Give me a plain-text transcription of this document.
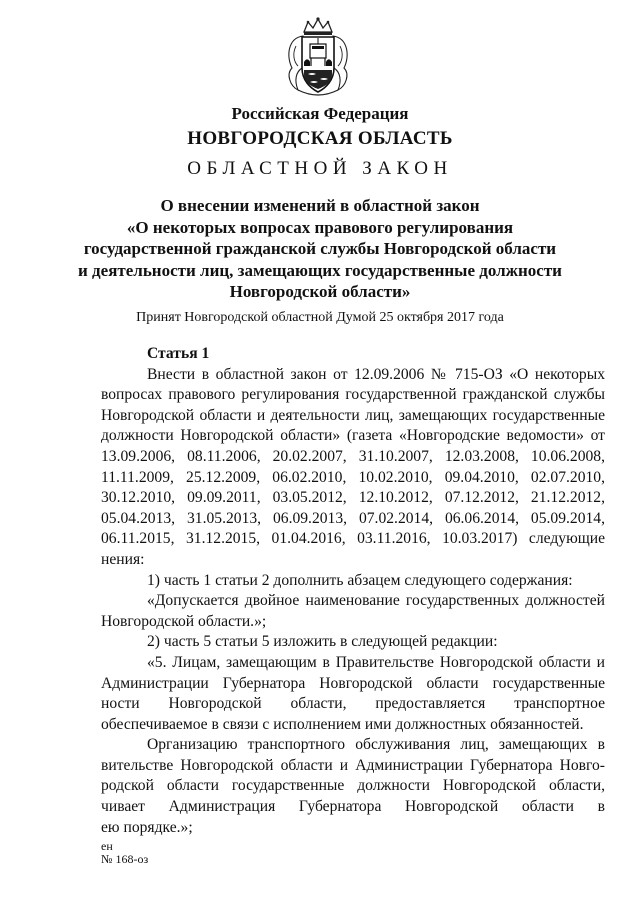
Российская Федерация
НОВГОРОДСКАЯ ОБЛАСТЬ
ОБЛАСТНОЙ ЗАКОН
О внесении изменений в областной закон
«О некоторых вопросах правового регулирования
государственной гражданской службы Новгородской области
и деятельности лиц, замещающих государственные должности
Новгородской области»
Принят Новгородской областной Думой 25 октября 2017 года
Статья 1
Внести в областной закон от 12.09.2006 № 715-ОЗ «О некоторых
вопросах правового регулирования государственной гражданской службы
Новгородской области и деятельности лиц, замещающих государственные
должности Новгородской области» (газета «Новгородские ведомости» от
13.09.2006, 08.11.2006, 20.02.2007, 31.10.2007, 12.03.2008, 10.06.2008,
11.11.2009, 25.12.2009, 06.02.2010, 10.02.2010, 09.04.2010, 02.07.2010,
30.12.2010, 09.09.2011, 03.05.2012, 12.10.2012, 07.12.2012, 21.12.2012,
05.04.2013, 31.05.2013, 06.09.2013, 07.02.2014, 06.06.2014, 05.09.2014,
06.11.2015, 31.12.2015, 01.04.2016, 03.11.2016, 10.03.2017) следующие
нения:
1) часть 1 статьи 2 дополнить абзацем следующего содержания:
«Допускается двойное наименование государственных должностей
Новгородской области.»;
2) часть 5 статьи 5 изложить в следующей редакции:
«5. Лицам, замещающим в Правительстве Новгородской области и
Администрации Губернатора Новгородской области государственные
ности Новгородской области, предоставляется транспортное
обеспечиваемое в связи с исполнением ими должностных обязанностей.
Организацию транспортного обслуживания лиц, замещающих в
вительстве Новгородской области и Администрации Губернатора Новго-
родской области государственные должности Новгородской области,
чивает Администрация Губернатора Новгородской области в
ею порядке.»;
ен
№ 168-оз
